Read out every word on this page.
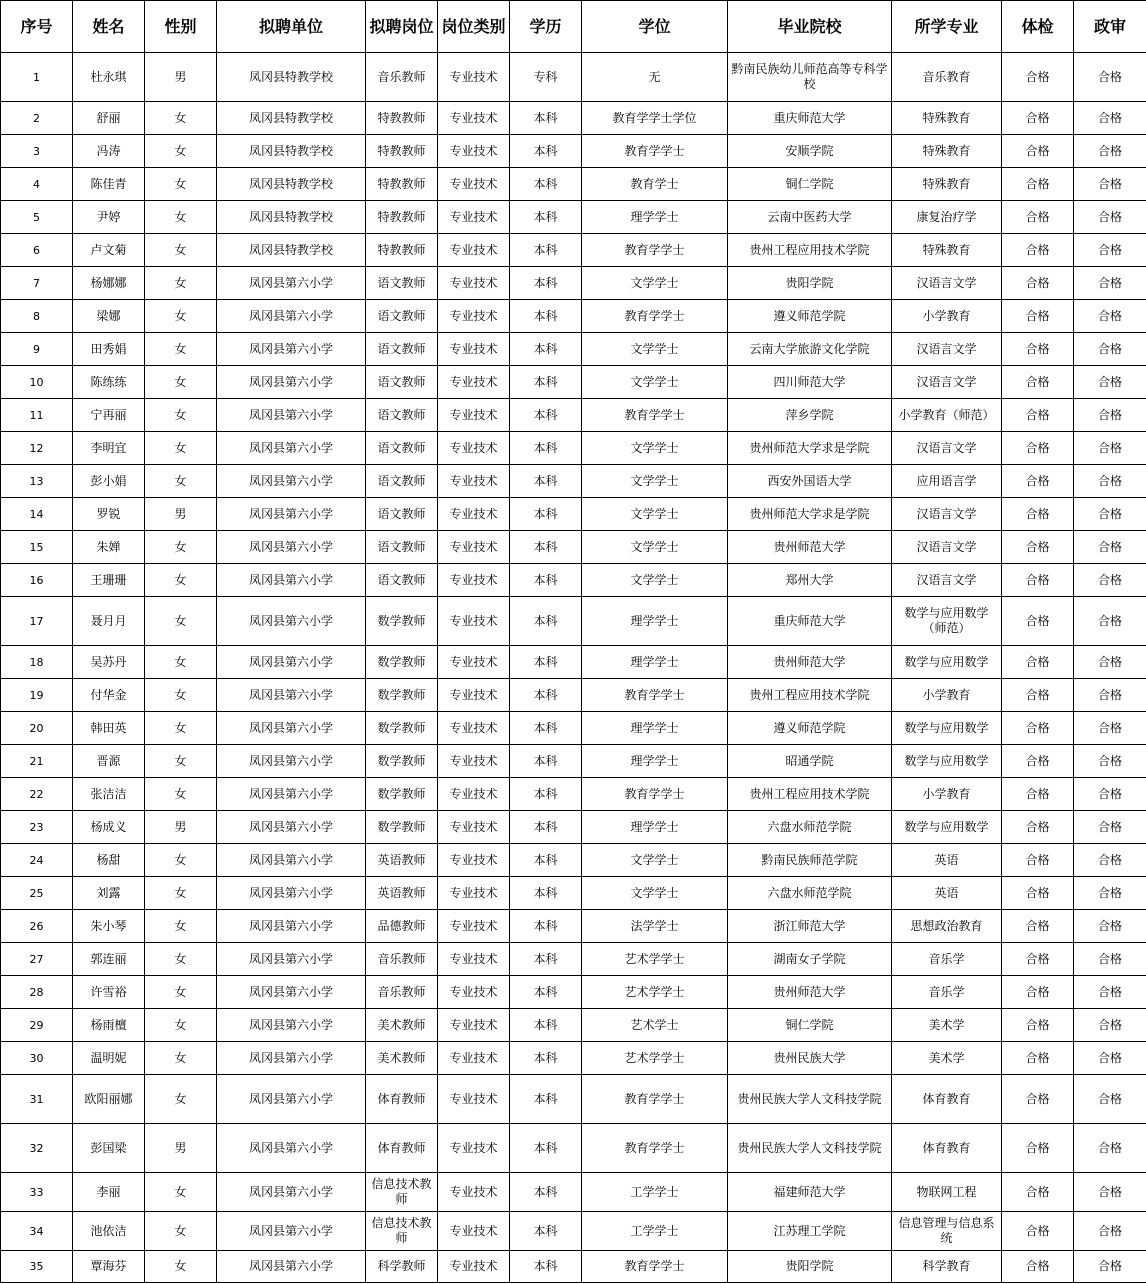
序号	姓名	性别	拟聘单位	拟聘岗位	岗位类别	学历	学位	毕业院校	所学专业	体检	政审
1	杜永琪	男	凤冈县特教学校	音乐教师	专业技术	专科	无	黔南民族幼儿师范高等专科学校	音乐教育	合格	合格
2	舒丽	女	凤冈县特教学校	特教教师	专业技术	本科	教育学学士学位	重庆师范大学	特殊教育	合格	合格
3	冯涛	女	凤冈县特教学校	特教教师	专业技术	本科	教育学学士	安顺学院	特殊教育	合格	合格
4	陈佳青	女	凤冈县特教学校	特教教师	专业技术	本科	教育学士	铜仁学院	特殊教育	合格	合格
5	尹婷	女	凤冈县特教学校	特教教师	专业技术	本科	理学学士	云南中医药大学	康复治疗学	合格	合格
6	卢文菊	女	凤冈县特教学校	特教教师	专业技术	本科	教育学学士	贵州工程应用技术学院	特殊教育	合格	合格
7	杨娜娜	女	凤冈县第六小学	语文教师	专业技术	本科	文学学士	贵阳学院	汉语言文学	合格	合格
8	梁娜	女	凤冈县第六小学	语文教师	专业技术	本科	教育学学士	遵义师范学院	小学教育	合格	合格
9	田秀娟	女	凤冈县第六小学	语文教师	专业技术	本科	文学学士	云南大学旅游文化学院	汉语言文学	合格	合格
10	陈练练	女	凤冈县第六小学	语文教师	专业技术	本科	文学学士	四川师范大学	汉语言文学	合格	合格
11	宁再丽	女	凤冈县第六小学	语文教师	专业技术	本科	教育学学士	萍乡学院	小学教育（师范）	合格	合格
12	李明宜	女	凤冈县第六小学	语文教师	专业技术	本科	文学学士	贵州师范大学求是学院	汉语言文学	合格	合格
13	彭小娟	女	凤冈县第六小学	语文教师	专业技术	本科	文学学士	西安外国语大学	应用语言学	合格	合格
14	罗锐	男	凤冈县第六小学	语文教师	专业技术	本科	文学学士	贵州师范大学求是学院	汉语言文学	合格	合格
15	朱婵	女	凤冈县第六小学	语文教师	专业技术	本科	文学学士	贵州师范大学	汉语言文学	合格	合格
16	王珊珊	女	凤冈县第六小学	语文教师	专业技术	本科	文学学士	郑州大学	汉语言文学	合格	合格
17	聂月月	女	凤冈县第六小学	数学教师	专业技术	本科	理学学士	重庆师范大学	数学与应用数学（师范）	合格	合格
18	吴苏丹	女	凤冈县第六小学	数学教师	专业技术	本科	理学学士	贵州师范大学	数学与应用数学	合格	合格
19	付华金	女	凤冈县第六小学	数学教师	专业技术	本科	教育学学士	贵州工程应用技术学院	小学教育	合格	合格
20	韩田英	女	凤冈县第六小学	数学教师	专业技术	本科	理学学士	遵义师范学院	数学与应用数学	合格	合格
21	晋源	女	凤冈县第六小学	数学教师	专业技术	本科	理学学士	昭通学院	数学与应用数学	合格	合格
22	张洁洁	女	凤冈县第六小学	数学教师	专业技术	本科	教育学学士	贵州工程应用技术学院	小学教育	合格	合格
23	杨成义	男	凤冈县第六小学	数学教师	专业技术	本科	理学学士	六盘水师范学院	数学与应用数学	合格	合格
24	杨甜	女	凤冈县第六小学	英语教师	专业技术	本科	文学学士	黔南民族师范学院	英语	合格	合格
25	刘露	女	凤冈县第六小学	英语教师	专业技术	本科	文学学士	六盘水师范学院	英语	合格	合格
26	朱小琴	女	凤冈县第六小学	品德教师	专业技术	本科	法学学士	浙江师范大学	思想政治教育	合格	合格
27	郭连丽	女	凤冈县第六小学	音乐教师	专业技术	本科	艺术学学士	湖南女子学院	音乐学	合格	合格
28	许雪裕	女	凤冈县第六小学	音乐教师	专业技术	本科	艺术学学士	贵州师范大学	音乐学	合格	合格
29	杨雨檀	女	凤冈县第六小学	美术教师	专业技术	本科	艺术学士	铜仁学院	美术学	合格	合格
30	温明妮	女	凤冈县第六小学	美术教师	专业技术	本科	艺术学学士	贵州民族大学	美术学	合格	合格
31	欧阳丽娜	女	凤冈县第六小学	体育教师	专业技术	本科	教育学学士	贵州民族大学人文科技学院	体育教育	合格	合格
32	彭国梁	男	凤冈县第六小学	体育教师	专业技术	本科	教育学学士	贵州民族大学人文科技学院	体育教育	合格	合格
33	李丽	女	凤冈县第六小学	信息技术教师	专业技术	本科	工学学士	福建师范大学	物联网工程	合格	合格
34	池依洁	女	凤冈县第六小学	信息技术教师	专业技术	本科	工学学士	江苏理工学院	信息管理与信息系统	合格	合格
35	覃海芬	女	凤冈县第六小学	科学教师	专业技术	本科	教育学学士	贵阳学院	科学教育	合格	合格
